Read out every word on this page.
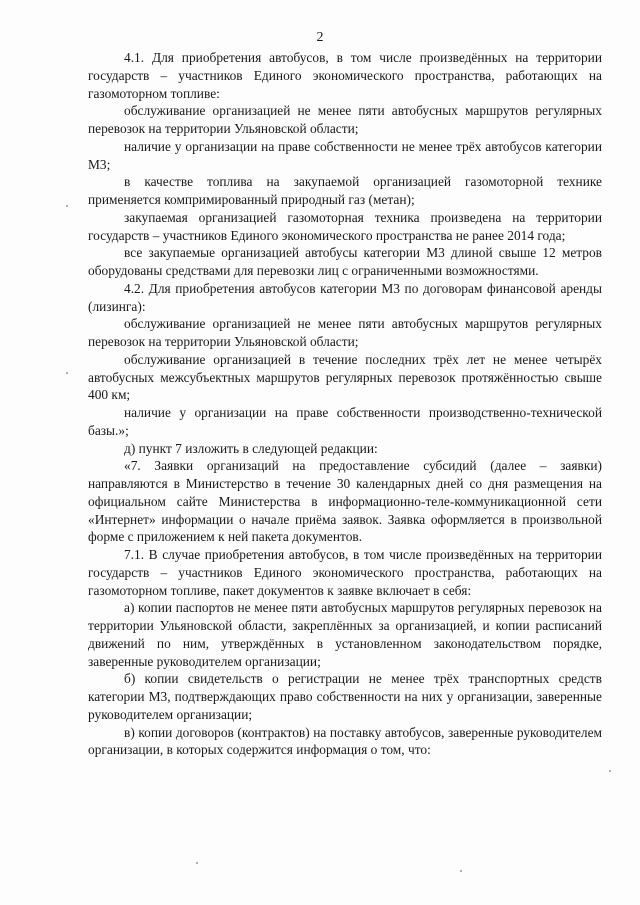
2

4.1. Для приобретения автобусов, в том числе произведённых на территории государств – участников Единого экономического пространства, работающих на газомоторном топливе:

обслуживание организацией не менее пяти автобусных маршрутов регулярных перевозок на территории Ульяновской области;

наличие у организации на праве собственности не менее трёх автобусов категории М3;

в качестве топлива на закупаемой организацией газомоторной технике применяется компримированный природный газ (метан);

закупаемая организацией газомоторная техника произведена на территории государств – участников Единого экономического пространства не ранее 2014 года;

все закупаемые организацией автобусы категории М3 длиной свыше 12 метров оборудованы средствами для перевозки лиц с ограниченными возможностями.

4.2. Для приобретения автобусов категории М3 по договорам финансовой аренды (лизинга):

обслуживание организацией не менее пяти автобусных маршрутов регулярных перевозок на территории Ульяновской области;

обслуживание организацией в течение последних трёх лет не менее четырёх автобусных межсубъектных маршрутов регулярных перевозок протяжённостью свыше 400 км;

наличие у организации на праве собственности производственно-технической базы.»;

д) пункт 7 изложить в следующей редакции:

«7. Заявки организаций на предоставление субсидий (далее – заявки) направляются в Министерство в течение 30 календарных дней со дня размещения на официальном сайте Министерства в информационно-теле-коммуникационной сети «Интернет» информации о начале приёма заявок. Заявка оформляется в произвольной форме с приложением к ней пакета документов.

7.1. В случае приобретения автобусов, в том числе произведённых на территории государств – участников Единого экономического пространства, работающих на газомоторном топливе, пакет документов к заявке включает в себя:

а) копии паспортов не менее пяти автобусных маршрутов регулярных перевозок на территории Ульяновской области, закреплённых за организацией, и копии расписаний движений по ним, утверждённых в установленном законодательством порядке, заверенные руководителем организации;

б) копии свидетельств о регистрации не менее трёх транспортных средств категории М3, подтверждающих право собственности на них у организации, заверенные руководителем организации;

в) копии договоров (контрактов) на поставку автобусов, заверенные руководителем организации, в которых содержится информация о том, что:
